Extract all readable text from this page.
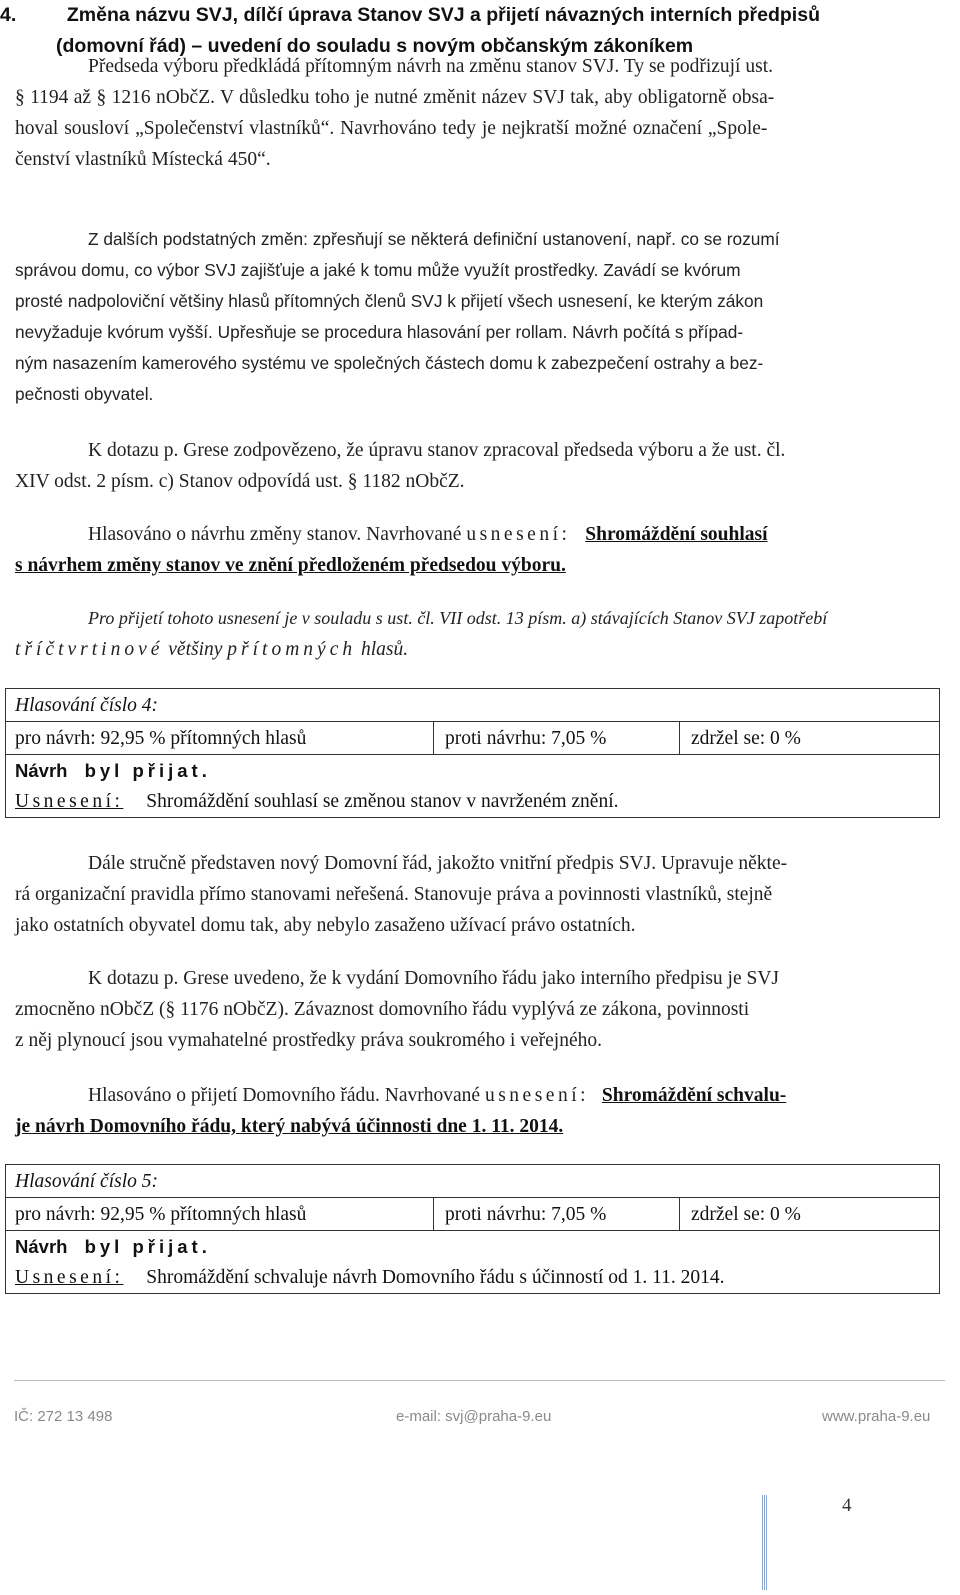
4.	Změna názvu SVJ, dílčí úprava Stanov SVJ a přijetí návazných interních předpisů
(domovní řád) – uvedení do souladu s novým občanským zákoníkem
Předseda výboru předkládá přítomným návrh na změnu stanov SVJ. Ty se podřizují ust.
§ 1194 až § 1216 nObčZ. V důsledku toho je nutné změnit název SVJ tak, aby obligatorně obsa-
hoval sousloví „Společenství vlastníků“. Navrhováno tedy je nejkratší možné označení „Spole-
čenství vlastníků Místecká 450“.
Z dalších podstatných změn: zpřesňují se některá definiční ustanovení, např. co se rozumí
správou domu, co výbor SVJ zajišťuje a jaké k tomu může využít prostředky. Zavádí se kvórum
prosté nadpoloviční většiny hlasů přítomných členů SVJ k přijetí všech usnesení, ke kterým zákon
nevyžaduje kvórum vyšší. Upřesňuje se procedura hlasování per rollam. Návrh počítá s případ-
ným nasazením kamerového systému ve společných částech domu k zabezpečení ostrahy a bez-
pečnosti obyvatel.
K dotazu p. Grese zodpovězeno, že úpravu stanov zpracoval předseda výboru a že ust. čl.
XIV odst. 2 písm. c) Stanov odpovídá ust. § 1182 nObčZ.
Hlasováno o návrhu změny stanov. Navrhované usnesení: Shromáždění souhlasí
s návrhem změny stanov ve znění předloženém předsedou výboru.
Pro přijetí tohoto usnesení je v souladu s ust. čl. VII odst. 13 písm. a) stávajících Stanov SVJ zapotřebí
tříčtvrtinové většiny přítomných hlasů.
Hlasování číslo 4:
pro návrh: 92,95 % přítomných hlasů	proti návrhu: 7,05 %	zdržel se: 0 %
Návrh byl přijat.
Usnesení: Shromáždění souhlasí se změnou stanov v navrženém znění.
Dále stručně představen nový Domovní řád, jakožto vnitřní předpis SVJ. Upravuje někte-
rá organizační pravidla přímo stanovami neřešená. Stanovuje práva a povinnosti vlastníků, stejně
jako ostatních obyvatel domu tak, aby nebylo zasaženo užívací právo ostatních.
K dotazu p. Grese uvedeno, že k vydání Domovního řádu jako interního předpisu je SVJ
zmocněno nObčZ (§ 1176 nObčZ). Závaznost domovního řádu vyplývá ze zákona, povinnosti
z něj plynoucí jsou vymahatelné prostředky práva soukromého i veřejného.
Hlasováno o přijetí Domovního řádu. Navrhované usnesení: Shromáždění schvalu-
je návrh Domovního řádu, který nabývá účinnosti dne 1. 11. 2014.
Hlasování číslo 5:
pro návrh: 92,95 % přítomných hlasů	proti návrhu: 7,05 %	zdržel se: 0 %
Návrh byl přijat.
Usnesení: Shromáždění schvaluje návrh Domovního řádu s účinností od 1. 11. 2014.
IČ: 272 13 498	e-mail: svj@praha-9.eu	www.praha-9.eu
4
